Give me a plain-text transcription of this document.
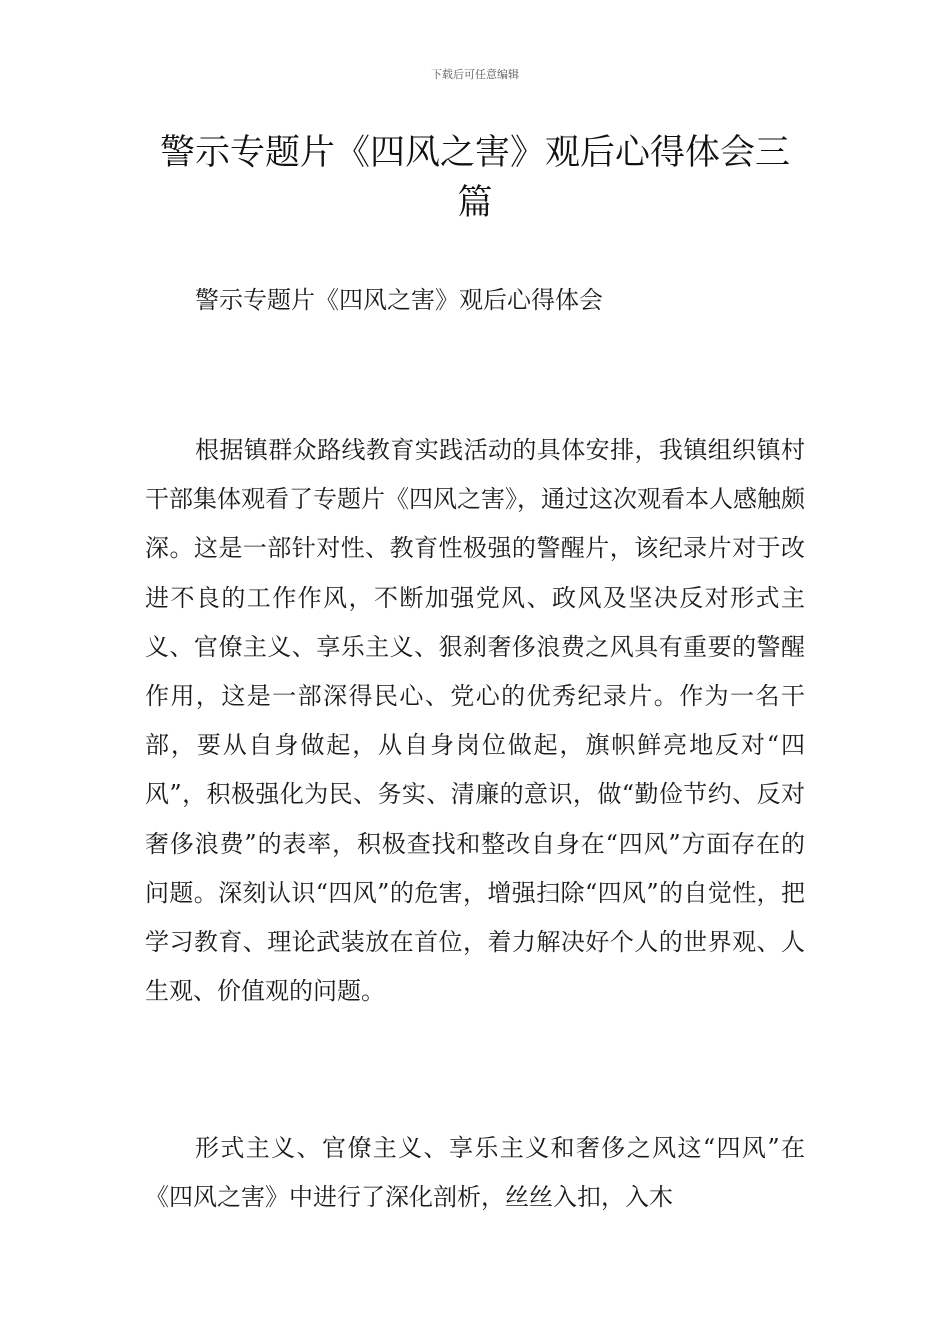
下载后可任意编辑
警示专题片《四风之害》观后心得体会三篇

警示专题片《四风之害》观后心得体会

根据镇群众路线教育实践活动的具体安排，我镇组织镇村干部集体观看了专题片《四风之害》，通过这次观看本人感触颇深。这是一部针对性、教育性极强的警醒片，该纪录片对于改进不良的工作作风，不断加强党风、政风及坚决反对形式主义、官僚主义、享乐主义、狠刹奢侈浪费之风具有重要的警醒作用，这是一部深得民心、党心的优秀纪录片。作为一名干部，要从自身做起，从自身岗位做起，旗帜鲜亮地反对“四风”，积极强化为民、务实、清廉的意识，做“勤俭节约、反对奢侈浪费”的表率，积极查找和整改自身在“四风”方面存在的问题。深刻认识“四风”的危害，增强扫除“四风”的自觉性，把学习教育、理论武装放在首位，着力解决好个人的世界观、人生观、价值观的问题。

形式主义、官僚主义、享乐主义和奢侈之风这“四风”在《四风之害》中进行了深化剖析，丝丝入扣，入木
